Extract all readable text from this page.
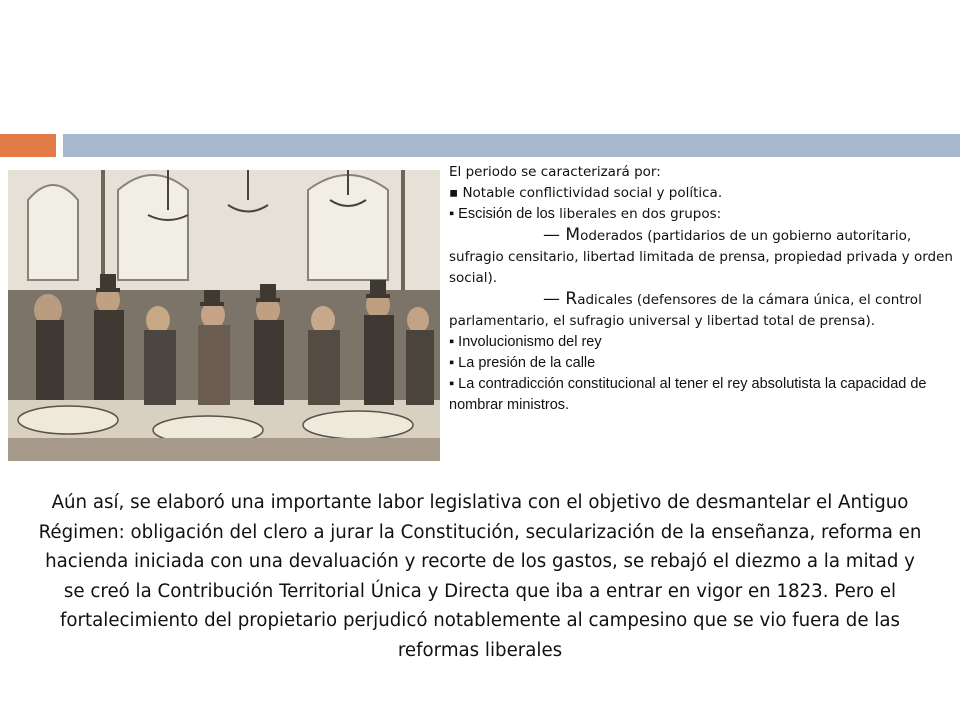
El periodo se caracterizará por:

▪ Notable conflictividad social y política.

▪ Escisión de los liberales en dos grupos:

— Moderados (partidarios de un gobierno autoritario, sufragio censitario, libertad limitada de prensa, propiedad privada y orden social).

— Radicales (defensores de la cámara única, el control parlamentario, el sufragio universal y libertad total de prensa).

▪ Involucionismo del rey

▪ La presión de la calle

▪ La contradicción constitucional al tener el rey absolutista la capacidad de nombrar ministros.

Aún así, se elaboró una importante labor legislativa con el objetivo de desmantelar el Antiguo Régimen: obligación del clero a jurar la Constitución, secularización de la enseñanza, reforma en hacienda iniciada con una devaluación y recorte de los gastos, se rebajó el diezmo a la mitad y se creó la Contribución Territorial Única y Directa que iba a entrar en vigor en 1823. Pero el fortalecimiento del propietario perjudicó notablemente al campesino que se vio fuera de las reformas liberales
